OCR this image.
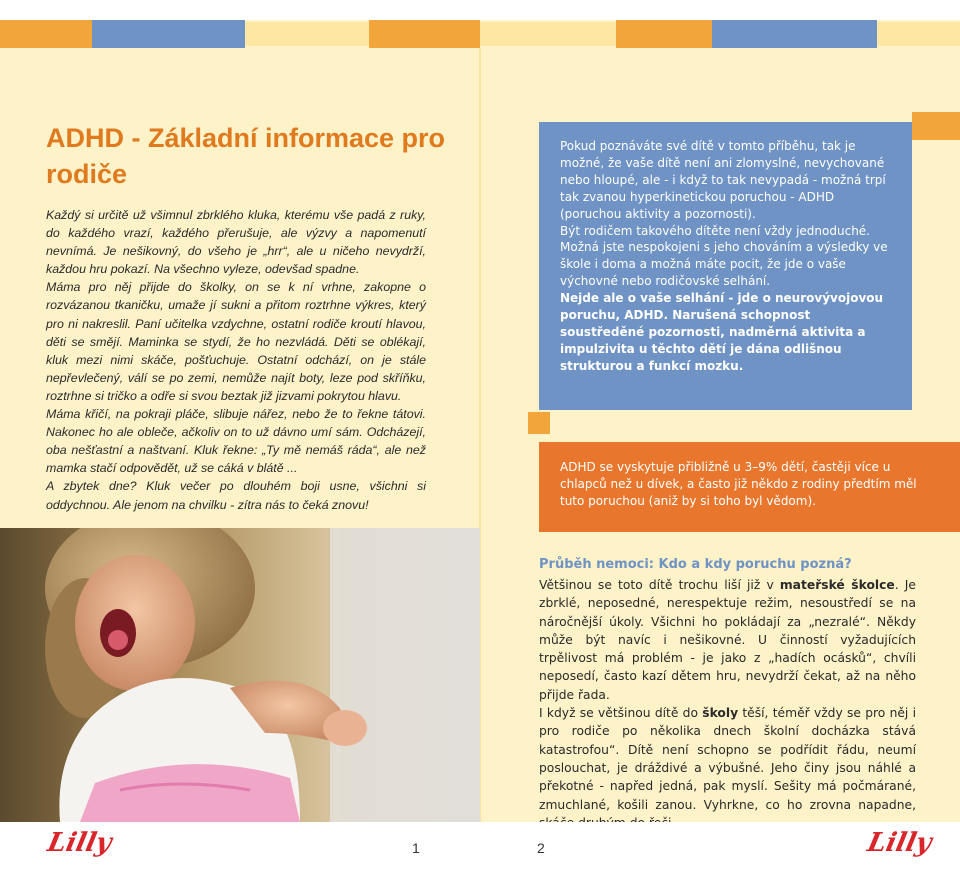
ADHD - Základní informace pro rodiče

Každý si určitě už všimnul zbrklého kluka, kterému vše padá z ruky, do každého vrazí, každého přerušuje, ale výzvy a napomenutí nevnímá. Je nešikovný, do všeho je „hrr“, ale u ničeho nevydrží, každou hru pokazí. Na všechno vyleze, odevšad spadne.

Máma pro něj přijde do školky, on se k ní vrhne, zakopne o rozvázanou tkaničku, umaže jí sukni a přitom roztrhne výkres, který pro ni nakreslil. Paní učitelka vzdychne, ostatní rodiče kroutí hlavou, děti se smějí. Maminka se stydí, že ho nezvládá. Děti se oblékají, kluk mezi nimi skáče, pošťuchuje. Ostatní odchází, on je stále nepřevlečený, válí se po zemi, nemůže najít boty, leze pod skříňku, roztrhne si tričko a odře si svou beztak již jizvami pokrytou hlavu.

Máma křičí, na pokraji pláče, slibuje nářez, nebo že to řekne tátovi. Nakonec ho ale obleče, ačkoliv on to už dávno umí sám. Odcházejí, oba nešťastní a naštvaní. Kluk řekne: „Ty mě nemáš ráda“, ale než mamka stačí odpovědět, už se cáká v blátě ...

A zbytek dne? Kluk večer po dlouhém boji usne, všichni si oddychnou. Ale jenom na chvilku - zítra nás to čeká znovu!

Pokud poznáváte své dítě v tomto příběhu, tak je možné, že vaše dítě není ani zlomyslné, nevychované nebo hloupé, ale - i když to tak nevypadá - možná trpí tak zvanou hyperkinetickou poruchou - ADHD (poruchou aktivity a pozornosti).

Být rodičem takového dítěte není vždy jednoduché.

Možná jste nespokojeni s jeho chováním a výsledky ve škole i doma a možná máte pocit, že jde o vaše výchovné nebo rodičovské selhání.

Nejde ale o vaše selhání - jde o neurovývojovou poruchu, ADHD. Narušená schopnost soustředěné pozornosti, nadměrná aktivita a impulzivita u těchto dětí je dána odlišnou strukturou a funkcí mozku.

ADHD se vyskytuje přibližně u 3–9% dětí, častěji více u chlapců než u dívek, a často již někdo z rodiny předtím měl tuto poruchou (aniž by si toho byl vědom).
Průběh nemoci: Kdo a kdy poruchu pozná?

Většinou se toto dítě trochu liší již v mateřské školce. Je zbrklé, neposedné, nerespektuje režim, nesoustředí se na náročnější úkoly. Všichni ho pokládají za „nezralé“. Někdy může být navíc i nešikovné. U činností vyžadujících trpělivost má problém - je jako z „hadích ocásků“, chvíli neposedí, často kazí dětem hru, nevydrží čekat, až na něho přijde řada.

I když se většinou dítě do školy těší, téměř vždy se pro něj i pro rodiče po několika dnech školní docházka stává katastrofou“. Dítě není schopno se podřídit řádu, neumí poslouchat, je dráždivé a výbušné. Jeho činy jsou náhlé a překotné - napřed jedná, pak myslí. Sešity má počmárané, zmuchlané, košili zanou. Vyhrkne, co ho zrovna napadne,

Lilly	1	2	Lilly
